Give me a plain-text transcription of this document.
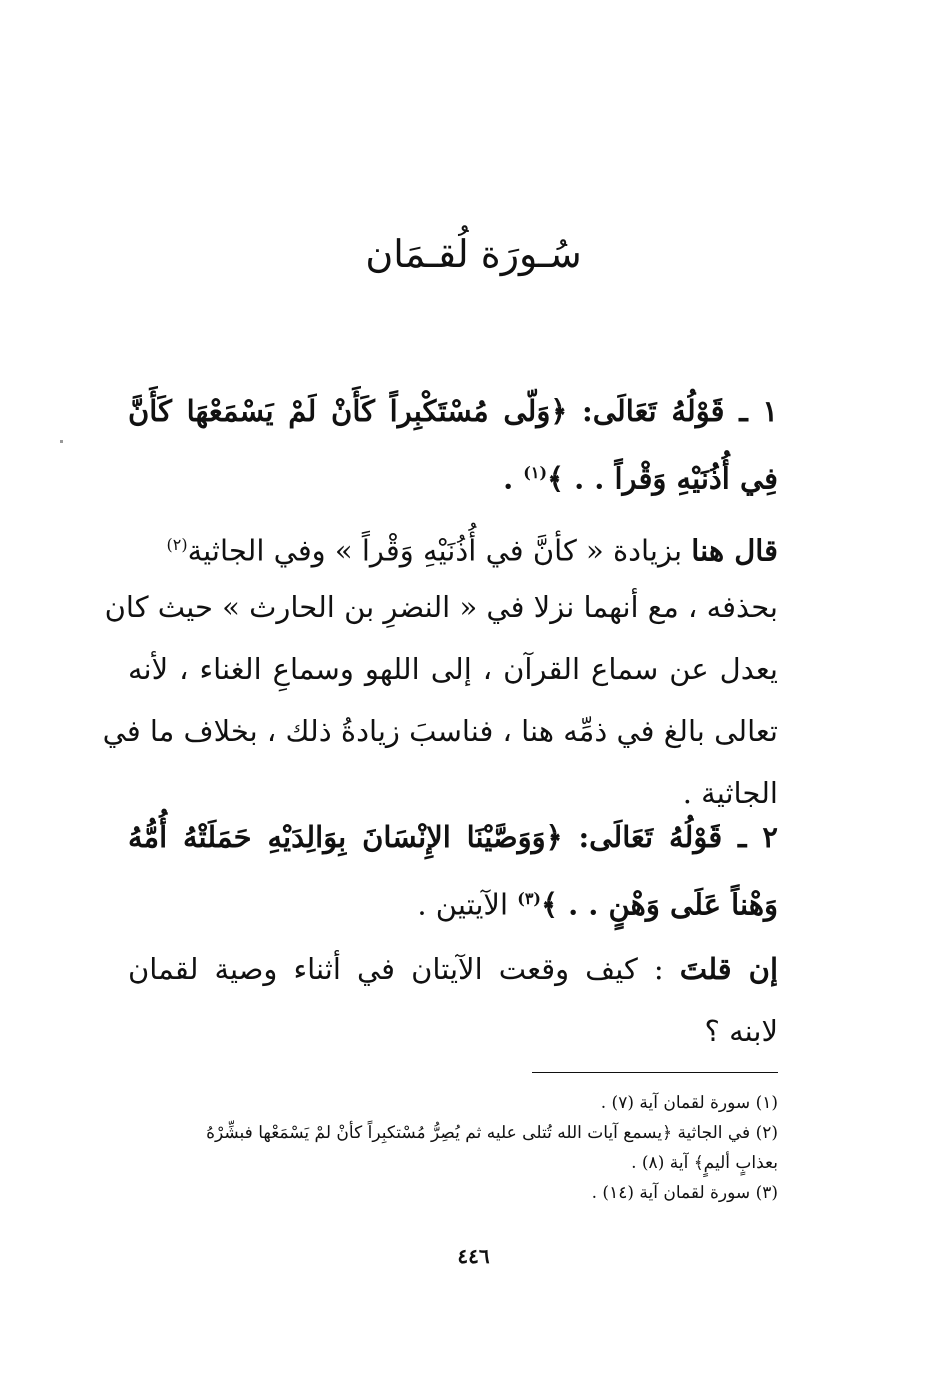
سُـورَة لُقـمَان
١ ـ قَوْلُهُ تَعَالَى: ﴿وَلّى مُسْتَكْبِراً كَأَنْ لَمْ يَسْمَعْهَا كَأَنَّ
فِي أُذُنَيْهِ وَقْراً . . ﴾$^{(١)}$ .
قال هنا بزيادة « كأنَّ في أُذُنَيْهِ وَقْراً » وفي الجاثية$^{(٢)}$
بحذفه ، مع أنهما نزلا في « النضرِ بن الحارث » حيث كان
يعدل عن سماع القرآن ، إلى اللهو وسماعِ الغناء ، لأنه
تعالى بالغ في ذمِّه هنا ، فناسبَ زيادةُ ذلك ، بخلاف ما في
الجاثية .
٢ ـ قَوْلُهُ تَعَالَى: ﴿وَوَصَّيْنَا الإِنْسَانَ بِوَالِدَيْهِ حَمَلَتْهُ أُمُّهُ
وَهْناً عَلَى وَهْنٍ . . ﴾$^{(٣)}$ الآيتين .
إن قلتَ : كيف وقعت الآيتان في أثناء وصية لقمان
لابنه ؟
(١) سورة لقمان آية (٧) .
(٢) في الجاثية ﴿يسمع آيات الله تُتلى عليه ثم يُصِرُّ مُسْتكبِراً كأنْ لمْ يَسْمَعْها فبشِّرْهُ
بعذابٍ أليمٍ﴾ آية (٨) .
(٣) سورة لقمان آية (١٤) .
٤٤٦
